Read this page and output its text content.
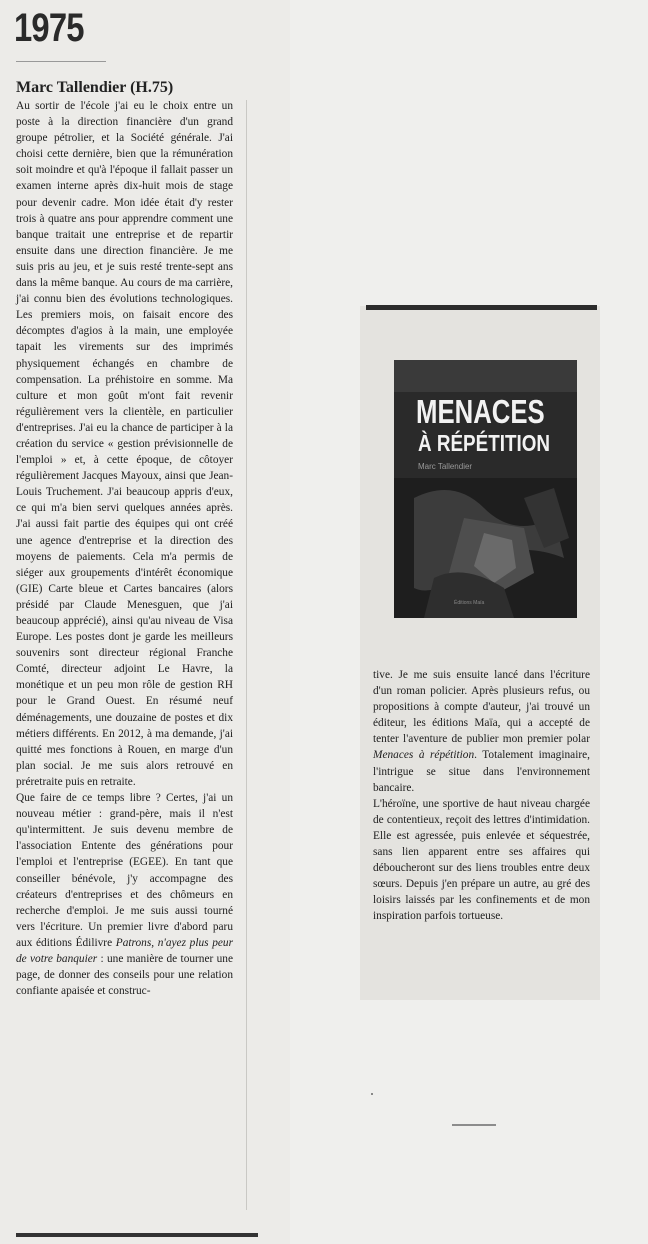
1975
Marc Tallendier (H.75)

Au sortir de l'école j'ai eu le choix entre un poste à la direction financière d'un grand groupe pétrolier, et la Société générale. J'ai choisi cette dernière, bien que la rémunération soit moindre et qu'à l'époque il fallait passer un examen interne après dix-huit mois de stage pour devenir cadre. Mon idée était d'y rester trois à quatre ans pour apprendre comment une banque traitait une entreprise et de repartir ensuite dans une direction financière. Je me suis pris au jeu, et je suis resté trente-sept ans dans la même banque. Au cours de ma carrière, j'ai connu bien des évolutions technologiques. Les premiers mois, on faisait encore des décomptes d'agios à la main, une employée tapait les virements sur des imprimés physiquement échangés en chambre de compensation. La préhistoire en somme. Ma culture et mon goût m'ont fait revenir régulièrement vers la clientèle, en particulier d'entreprises. J'ai eu la chance de participer à la création du service « gestion prévisionnelle de l'emploi » et, à cette époque, de côtoyer régulièrement Jacques Mayoux, ainsi que Jean-Louis Truchement. J'ai beaucoup appris d'eux, ce qui m'a bien servi quelques années après. J'ai aussi fait partie des équipes qui ont créé une agence d'entreprise et la direction des moyens de paiements. Cela m'a permis de siéger aux groupements d'intérêt économique (GIE) Carte bleue et Cartes bancaires (alors présidé par Claude Menesguen, que j'ai beaucoup apprécié), ainsi qu'au niveau de Visa Europe. Les postes dont je garde les meilleurs souvenirs sont directeur régional Franche Comté, directeur adjoint Le Havre, la monétique et un peu mon rôle de gestion RH pour le Grand Ouest. En résumé neuf déménagements, une douzaine de postes et dix métiers différents. En 2012, à ma demande, j'ai quitté mes fonctions à Rouen, en marge d'un plan social. Je me suis alors retrouvé en préretraite puis en retraite.

Que faire de ce temps libre ? Certes, j'ai un nouveau métier : grand-père, mais il n'est qu'intermittent. Je suis devenu membre de l'association Entente des générations pour l'emploi et l'entreprise (EGEE). En tant que conseiller bénévole, j'y accompagne des créateurs d'entreprises et des chômeurs en recherche d'emploi. Je me suis aussi tourné vers l'écriture. Un premier livre d'abord paru aux éditions Édilivre Patrons, n'ayez plus peur de votre banquier : une manière de tourner une page, de donner des conseils pour une relation confiante apaisée et construc-

MENACES
À RÉPÉTITION
Marc Tallendier
Éditions Maïa

tive. Je me suis ensuite lancé dans l'écriture d'un roman policier. Après plusieurs refus, ou propositions à compte d'auteur, j'ai trouvé un éditeur, les éditions Maïa, qui a accepté de tenter l'aventure de publier mon premier polar Menaces à répétition. Totalement imaginaire, l'intrigue se situe dans l'environnement bancaire.

L'héroïne, une sportive de haut niveau chargée de contentieux, reçoit des lettres d'intimidation. Elle est agressée, puis enlevée et séquestrée, sans lien apparent entre ses affaires qui déboucheront sur des liens troubles entre deux sœurs. Depuis j'en prépare un autre, au gré des loisirs laissés par les confinements et de mon inspiration parfois tortueuse.
